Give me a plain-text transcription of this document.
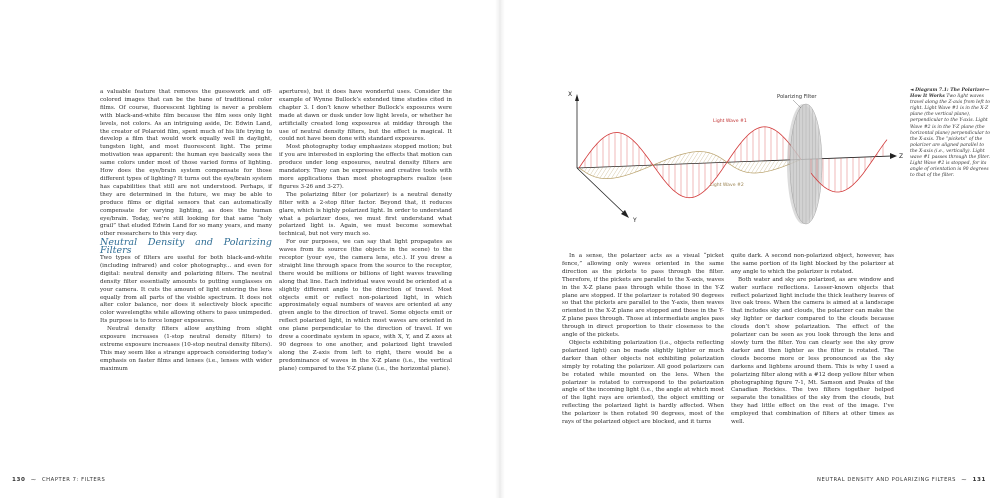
a valuable feature that removes the guesswork and off-colored images that can be the bane of traditional color films. Of course, fluorescent lighting is never a problem with black-and-white film because the film sees only light levels, not colors. As an intriguing aside, Dr. Edwin Land, the creator of Polaroid film, spent much of his life trying to develop a film that would work equally well in daylight, tungsten light, and most fluorescent light. The prime motivation was apparent: the human eye basically sees the same colors under most of those varied forms of lighting. How does the eye/brain system compensate for those different types of lighting? It turns out the eye/brain system has capabilities that still are not understood. Perhaps, if they are determined in the future, we may be able to produce films or digital sensors that can automatically compensate for varying lighting, as does the human eye/brain. Today, we’re still looking for that same “holy grail” that eluded Edwin Land for so many years, and many other researchers to this very day.

Neutral Density and Polarizing Filters

Two types of filters are useful for both black-and-white (including infrared) and color photography... and even for digital: neutral density and polarizing filters. The neutral density filter essentially amounts to putting sunglasses on your camera. It cuts the amount of light entering the lens equally from all parts of the visible spectrum. It does not alter color balance, nor does it selectively block specific color wavelengths while allowing others to pass unimpeded. Its purpose is to force longer exposures.

Neutral density filters allow anything from slight exposure increases (1-stop neutral density filters) to extreme exposure increases (10-stop neutral density filters). This may seem like a strange approach considering today’s emphasis on faster films and lenses (i.e., lenses with wider maximum

apertures), but it does have wonderful uses. Consider the example of Wynne Bullock’s extended time studies cited in chapter 3. I don’t know whether Bullock’s exposures were made at dawn or dusk under low light levels, or whether he artificially created long exposures at midday through the use of neutral density filters, but the effect is magical. It could not have been done with standard exposures.

Most photography today emphasizes stopped motion; but if you are interested in exploring the effects that motion can produce under long exposures, neutral density filters are mandatory. They can be expressive and creative tools with more applications than most photographers realize (see figures 3-26 and 3-27).

The polarizing filter (or polarizer) is a neutral density filter with a 2-stop filter factor. Beyond that, it reduces glare, which is highly polarized light. In order to understand what a polarizer does, we must first understand what polarized light is. Again, we must become somewhat technical, but not very much so.

For our purposes, we can say that light propagates as waves from its source (the objects in the scene) to the receptor (your eye, the camera lens, etc.). If you drew a straight line through space from the source to the receptor, there would be millions or billions of light waves traveling along that line. Each individual wave would be oriented at a slightly different angle to the direction of travel. Most objects emit or reflect non-polarized light, in which approximately equal numbers of waves are oriented at any given angle to the direction of travel. Some objects emit or reflect polarized light, in which most waves are oriented in one plane perpendicular to the direction of travel. If we drew a coordinate system in space, with X, Y, and Z axes at 90 degrees to one another, and polarized light traveled along the Z-axis from left to right, there would be a predominance of waves in the X-Z plane (i.e., the vertical plane) compared to the Y-Z plane (i.e., the horizontal plane).

130 ~ CHAPTER 7: FILTERS
X
Y
Z
Polarizing Filter
Light Wave #1
Light Wave #2
◄ Diagram 7.1: The Polarizer—How It Works Two light waves travel along the Z-axis from left to right. Light Wave #1 is in the X-Z plane (the vertical plane), perpendicular to the Y-axis. Light Wave #2 is in the Y-Z plane (the horizontal plane) perpendicular to the X-axis. The “pickets” of the polarizer are aligned parallel to the X-axis (i.e., vertically). Light wave #1 passes through the filter. Light Wave #2 is stopped, for its angle of orientation is 90 degrees to that of the filter.

In a sense, the polarizer acts as a visual “picket fence,” allowing only waves oriented in the same direction as the pickets to pass through the filter. Therefore, if the pickets are parallel to the X-axis, waves in the X-Z plane pass through while those in the Y-Z plane are stopped. If the polarizer is rotated 90 degrees so that the pickets are parallel to the Y-axis, then waves oriented in the X-Z plane are stopped and those in the Y-Z plane pass through. Those at intermediate angles pass through in direct proportion to their closeness to the angle of the pickets.

Objects exhibiting polarization (i.e., objects reflecting polarized light) can be made slightly lighter or much darker than other objects not exhibiting polarization simply by rotating the polarizer. All good polarizers can be rotated while mounted on the lens. When the polarizer is rotated to correspond to the polarization angle of the incoming light (i.e., the angle at which most of the light rays are oriented), the object emitting or reflecting the polarized light is hardly affected. When the polarizer is then rotated 90 degrees, most of the rays of the polarized object are blocked, and it turns

quite dark. A second non-polarized object, however, has the same portion of its light blocked by the polarizer at any angle to which the polarizer is rotated.

Both water and sky are polarized, as are window and water surface reflections. Lesser-known objects that reflect polarized light include the thick leathery leaves of live oak trees. When the camera is aimed at a landscape that includes sky and clouds, the polarizer can make the sky lighter or darker compared to the clouds because clouds don’t show polarization. The effect of the polarizer can be seen as you look through the lens and slowly turn the filter. You can clearly see the sky grow darker and then lighter as the filter is rotated. The clouds become more or less pronounced as the sky darkens and lightens around them. This is why I used a polarizing filter along with a #12 deep yellow filter when photographing figure 7-1, Mt. Samson and Peaks of the Canadian Rockies. The two filters together helped separate the tonalities of the sky from the clouds, but they had little effect on the rest of the image. I’ve employed that combination of filters at other times as well.

NEUTRAL DENSITY AND POLARIZING FILTERS ~ 131
